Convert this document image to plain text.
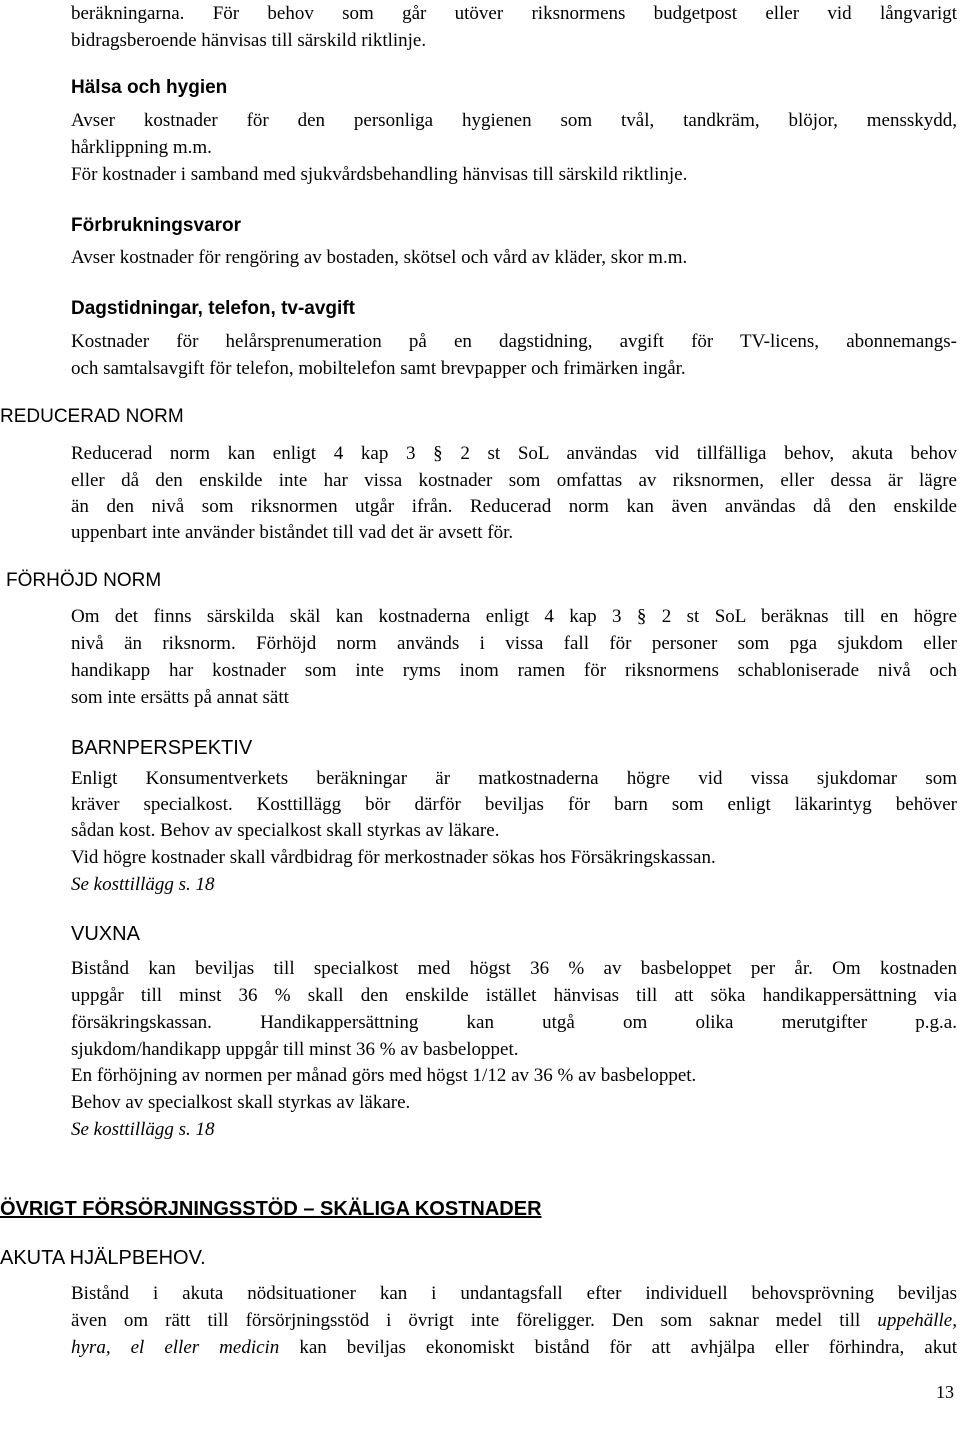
beräkningarna. För behov som går utöver riksnormens budgetpost eller vid långvarigt
bidragsberoende hänvisas till särskild riktlinje.
Hälsa och hygien
Avser kostnader för den personliga hygienen som tvål, tandkräm, blöjor, mensskydd,
hårklippning m.m.
För kostnader i samband med sjukvårdsbehandling hänvisas till särskild riktlinje.
Förbrukningsvaror
Avser kostnader för rengöring av bostaden, skötsel och vård av kläder, skor m.m.
Dagstidningar, telefon, tv-avgift
Kostnader för helårsprenumeration på en dagstidning, avgift för TV-licens, abonnemangs-
och samtalsavgift för telefon, mobiltelefon samt brevpapper och frimärken ingår.
REDUCERAD NORM
Reducerad norm kan enligt 4 kap 3 § 2 st SoL användas vid tillfälliga behov, akuta behov
eller då den enskilde inte har vissa kostnader som omfattas av riksnormen, eller dessa är lägre
än den nivå som riksnormen utgår ifrån. Reducerad norm kan även användas då den enskilde
uppenbart inte använder biståndet till vad det är avsett för.
FÖRHÖJD NORM
Om det finns särskilda skäl kan kostnaderna enligt 4 kap 3 § 2 st SoL beräknas till en högre
nivå än riksnorm. Förhöjd norm används i vissa fall för personer som pga sjukdom eller
handikapp har kostnader som inte ryms inom ramen för riksnormens schabloniserade nivå och
som inte ersätts på annat sätt
BARNPERSPEKTIV
Enligt Konsumentverkets beräkningar är matkostnaderna högre vid vissa sjukdomar som
kräver specialkost. Kosttillägg bör därför beviljas för barn som enligt läkarintyg behöver
sådan kost. Behov av specialkost skall styrkas av läkare.
Vid högre kostnader skall vårdbidrag för merkostnader sökas hos Försäkringskassan.
Se kosttillägg s. 18
VUXNA
Bistånd kan beviljas till specialkost med högst 36 % av basbeloppet per år. Om kostnaden
uppgår till minst 36 % skall den enskilde istället hänvisas till att söka handikappersättning via
försäkringskassan. Handikappersättning kan utgå om olika merutgifter p.g.a.
sjukdom/handikapp uppgår till minst 36 % av basbeloppet.
En förhöjning av normen per månad görs med högst 1/12 av 36 % av basbeloppet.
Behov av specialkost skall styrkas av läkare.
Se kosttillägg s. 18
ÖVRIGT FÖRSÖRJNINGSSTÖD – SKÄLIGA KOSTNADER
AKUTA HJÄLPBEHOV.
Bistånd i akuta nödsituationer kan i undantagsfall efter individuell behovsprövning beviljas
även om rätt till försörjningsstöd i övrigt inte föreligger. Den som saknar medel till uppehälle,
hyra, el eller medicin kan beviljas ekonomiskt bistånd för att avhjälpa eller förhindra, akut
13
